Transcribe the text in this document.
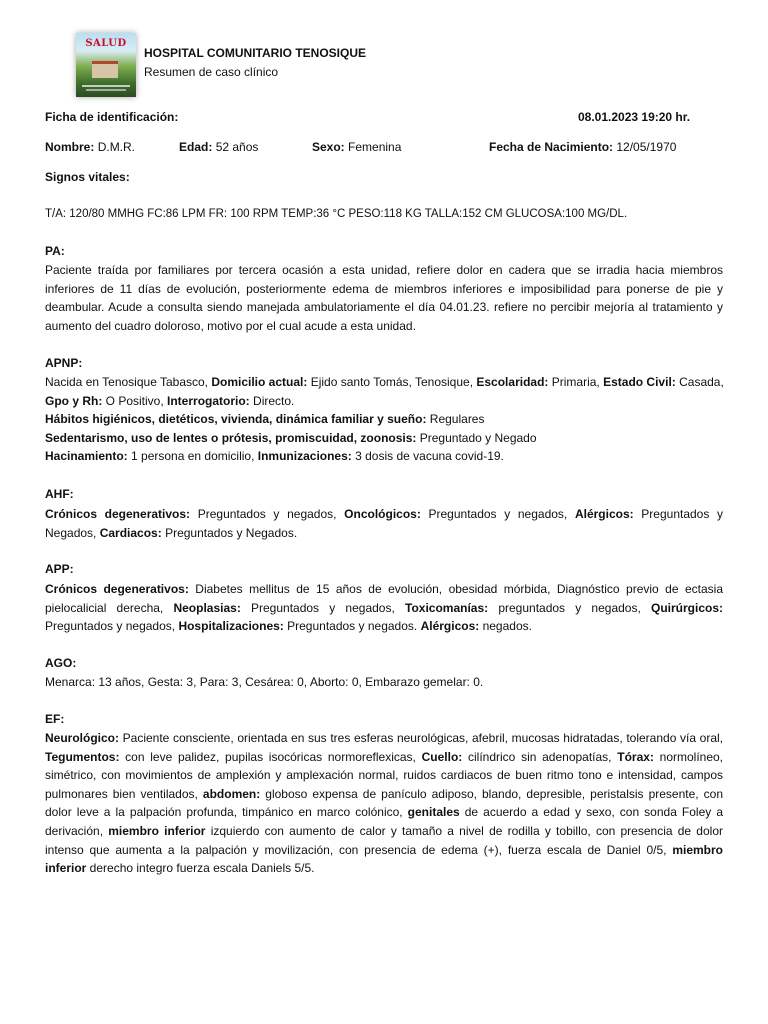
SALUD
HOSPITAL COMUNITARIO TENOSIQUE
Resumen de caso clínico
Ficha de identificación:	08.01.2023 19:20 hr.
Nombre: D.M.R.	Edad: 52 años	Sexo: Femenina	Fecha de Nacimiento: 12/05/1970
Signos vitales:
T/A: 120/80 MMHG FC:86 LPM FR: 100 RPM TEMP:36 °C PESO:118 KG TALLA:152 CM GLUCOSA:100 MG/DL.
PA:
Paciente traída por familiares por tercera ocasión a esta unidad, refiere dolor en cadera que se irradia hacia miembros inferiores de 11 días de evolución, posteriormente edema de miembros inferiores e imposibilidad para ponerse de pie y deambular. Acude a consulta siendo manejada ambulatoriamente el día 04.01.23. refiere no percibir mejoría al tratamiento y aumento del cuadro doloroso, motivo por el cual acude a esta unidad.
APNP:
Nacida en Tenosique Tabasco, Domicilio actual: Ejido santo Tomás, Tenosique, Escolaridad: Primaria, Estado Civil: Casada,
Gpo y Rh: O Positivo, Interrogatorio: Directo.
Hábitos higiénicos, dietéticos, vivienda, dinámica familiar y sueño: Regulares
Sedentarismo, uso de lentes o prótesis, promiscuidad, zoonosis: Preguntado y Negado
Hacinamiento: 1 persona en domicilio, Inmunizaciones: 3 dosis de vacuna covid-19.
AHF:
Crónicos degenerativos: Preguntados y negados, Oncológicos: Preguntados y negados, Alérgicos: Preguntados y Negados, Cardiacos: Preguntados y Negados.
APP:
Crónicos degenerativos: Diabetes mellitus de 15 años de evolución, obesidad mórbida, Diagnóstico previo de ectasia pielocalicial derecha, Neoplasias: Preguntados y negados, Toxicomanías: preguntados y negados, Quirúrgicos: Preguntados y negados, Hospitalizaciones: Preguntados y negados. Alérgicos: negados.
AGO:
Menarca: 13 años, Gesta: 3, Para: 3, Cesárea: 0, Aborto: 0, Embarazo gemelar: 0.
EF:
Neurológico: Paciente consciente, orientada en sus tres esferas neurológicas, afebril, mucosas hidratadas, tolerando vía oral, Tegumentos: con leve palidez, pupilas isocóricas normoreflexicas, Cuello: cilíndrico sin adenopatías, Tórax: normolíneo, simétrico, con movimientos de amplexión y amplexación normal, ruidos cardiacos de buen ritmo tono e intensidad, campos pulmonares bien ventilados, abdomen: globoso expensa de panículo adiposo, blando, depresible, peristalsis presente, con dolor leve a la palpación profunda, timpánico en marco colónico, genitales de acuerdo a edad y sexo, con sonda Foley a derivación, miembro inferior izquierdo con aumento de calor y tamaño a nivel de rodilla y tobillo, con presencia de dolor intenso que aumenta a la palpación y movilización, con presencia de edema (+), fuerza escala de Daniel 0/5, miembro inferior derecho integro fuerza escala Daniels 5/5.
